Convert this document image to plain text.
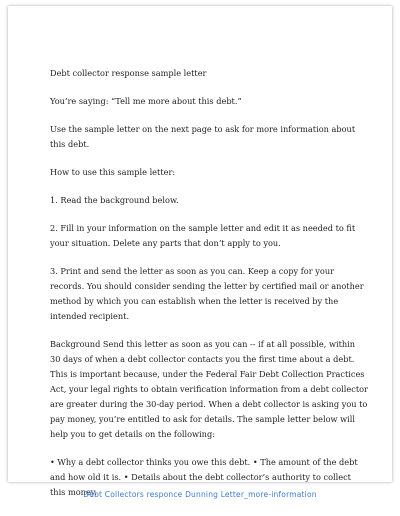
Debt collector response sample letter

You’re saying: “Tell me more about this debt.”

Use the sample letter on the next page to ask for more information about this debt.

How to use this sample letter:

1. Read the background below.

2. Fill in your information on the sample letter and edit it as needed to fit your situation. Delete any parts that don’t apply to you.

3. Print and send the letter as soon as you can. Keep a copy for your records. You should consider sending the letter by certified mail or another method by which you can establish when the letter is received by the intended recipient.

Background Send this letter as soon as you can -- if at all possible, within 30 days of when a debt collector contacts you the first time about a debt. This is important because, under the Federal Fair Debt Collection Practices Act, your legal rights to obtain verification information from a debt collector are greater during the 30-day period. When a debt collector is asking you to pay money, you’re entitled to ask for details. The sample letter below will help you to get details on the following:

• Why a debt collector thinks you owe this debt. • The amount of the debt and how old it is. • Details about the debt collector’s authority to collect this money.

Debt Collectors responce Dunning Letter_more-information
